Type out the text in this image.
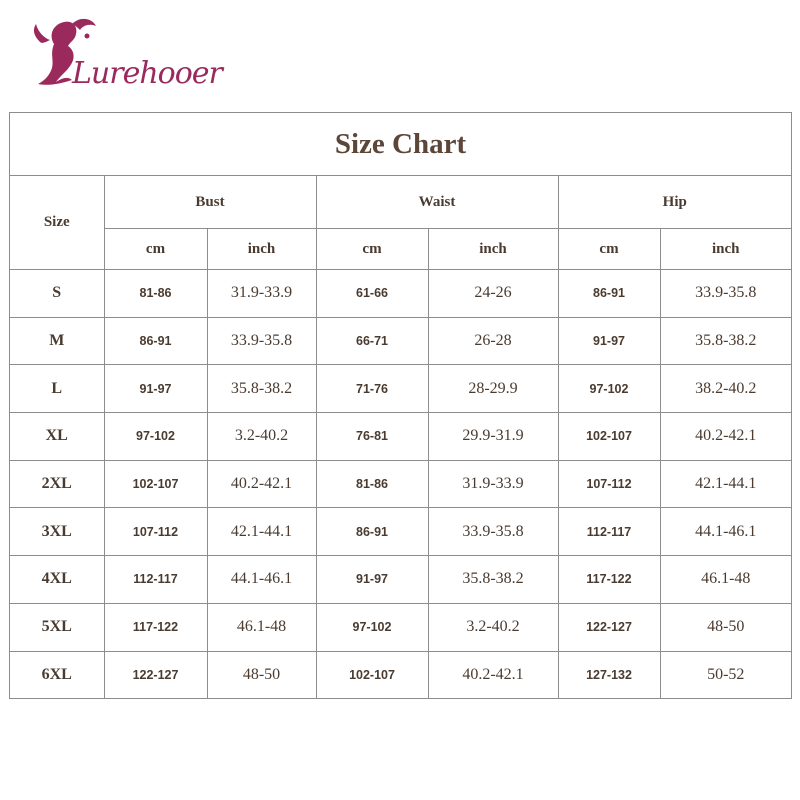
Lurehooer
Size Chart
Size	Bust		Waist		Hip	
	cm	inch	cm	inch	cm	inch
S	81-86	31.9-33.9	61-66	24-26	86-91	33.9-35.8
M	86-91	33.9-35.8	66-71	26-28	91-97	35.8-38.2
L	91-97	35.8-38.2	71-76	28-29.9	97-102	38.2-40.2
XL	97-102	3.2-40.2	76-81	29.9-31.9	102-107	40.2-42.1
2XL	102-107	40.2-42.1	81-86	31.9-33.9	107-112	42.1-44.1
3XL	107-112	42.1-44.1	86-91	33.9-35.8	112-117	44.1-46.1
4XL	112-117	44.1-46.1	91-97	35.8-38.2	117-122	46.1-48
5XL	117-122	46.1-48	97-102	3.2-40.2	122-127	48-50
6XL	122-127	48-50	102-107	40.2-42.1	127-132	50-52
